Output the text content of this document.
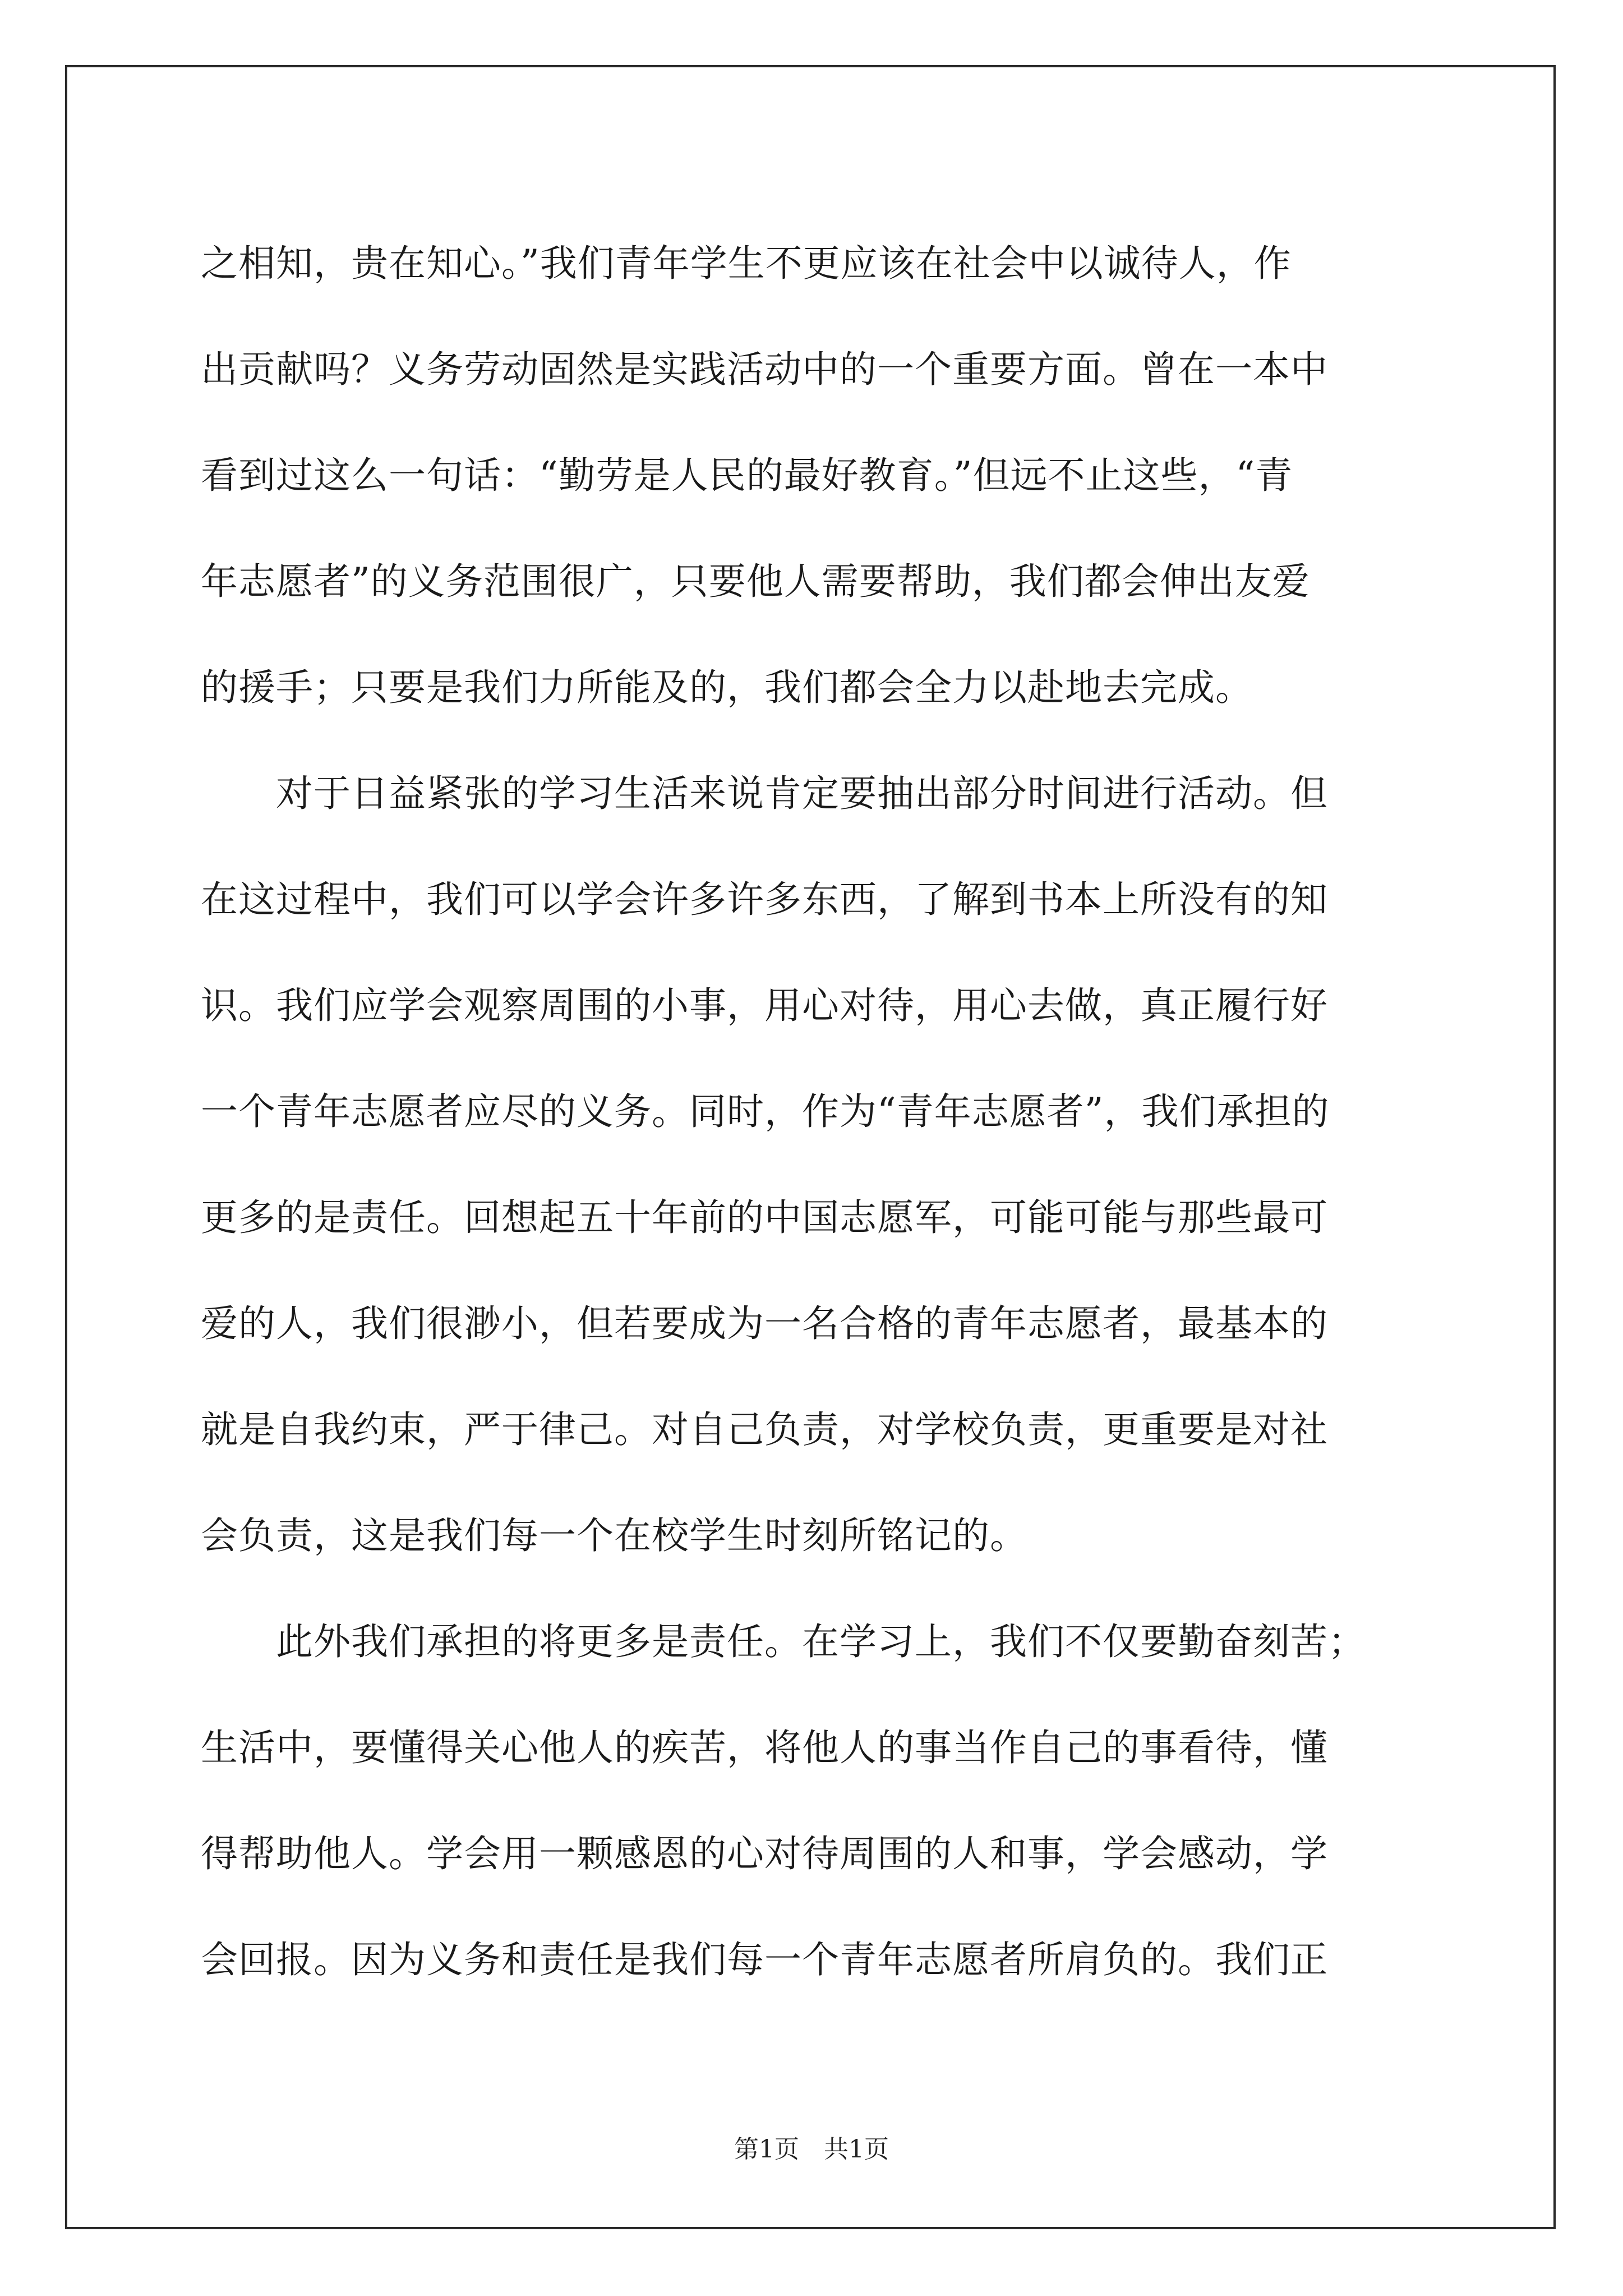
之相知，贵在知心。”我们青年学生不更应该在社会中以诚待人，作
出贡献吗？义务劳动固然是实践活动中的一个重要方面。曾在一本中
看到过这么一句话：“勤劳是人民的最好教育。”但远不止这些，“青
年志愿者”的义务范围很广，只要他人需要帮助，我们都会伸出友爱
的援手；只要是我们力所能及的，我们都会全力以赴地去完成。
　　对于日益紧张的学习生活来说肯定要抽出部分时间进行活动。但
在这过程中，我们可以学会许多许多东西，了解到书本上所没有的知
识。我们应学会观察周围的小事，用心对待，用心去做，真正履行好
一个青年志愿者应尽的义务。同时，作为“青年志愿者”，我们承担的
更多的是责任。回想起五十年前的中国志愿军，可能可能与那些最可
爱的人，我们很渺小，但若要成为一名合格的青年志愿者，最基本的
就是自我约束，严于律己。对自己负责，对学校负责，更重要是对社
会负责，这是我们每一个在校学生时刻所铭记的。
　　此外我们承担的将更多是责任。在学习上，我们不仅要勤奋刻苦；
生活中，要懂得关心他人的疾苦，将他人的事当作自己的事看待，懂
得帮助他人。学会用一颗感恩的心对待周围的人和事，学会感动，学
会回报。因为义务和责任是我们每一个青年志愿者所肩负的。我们正
第1页　共1页
